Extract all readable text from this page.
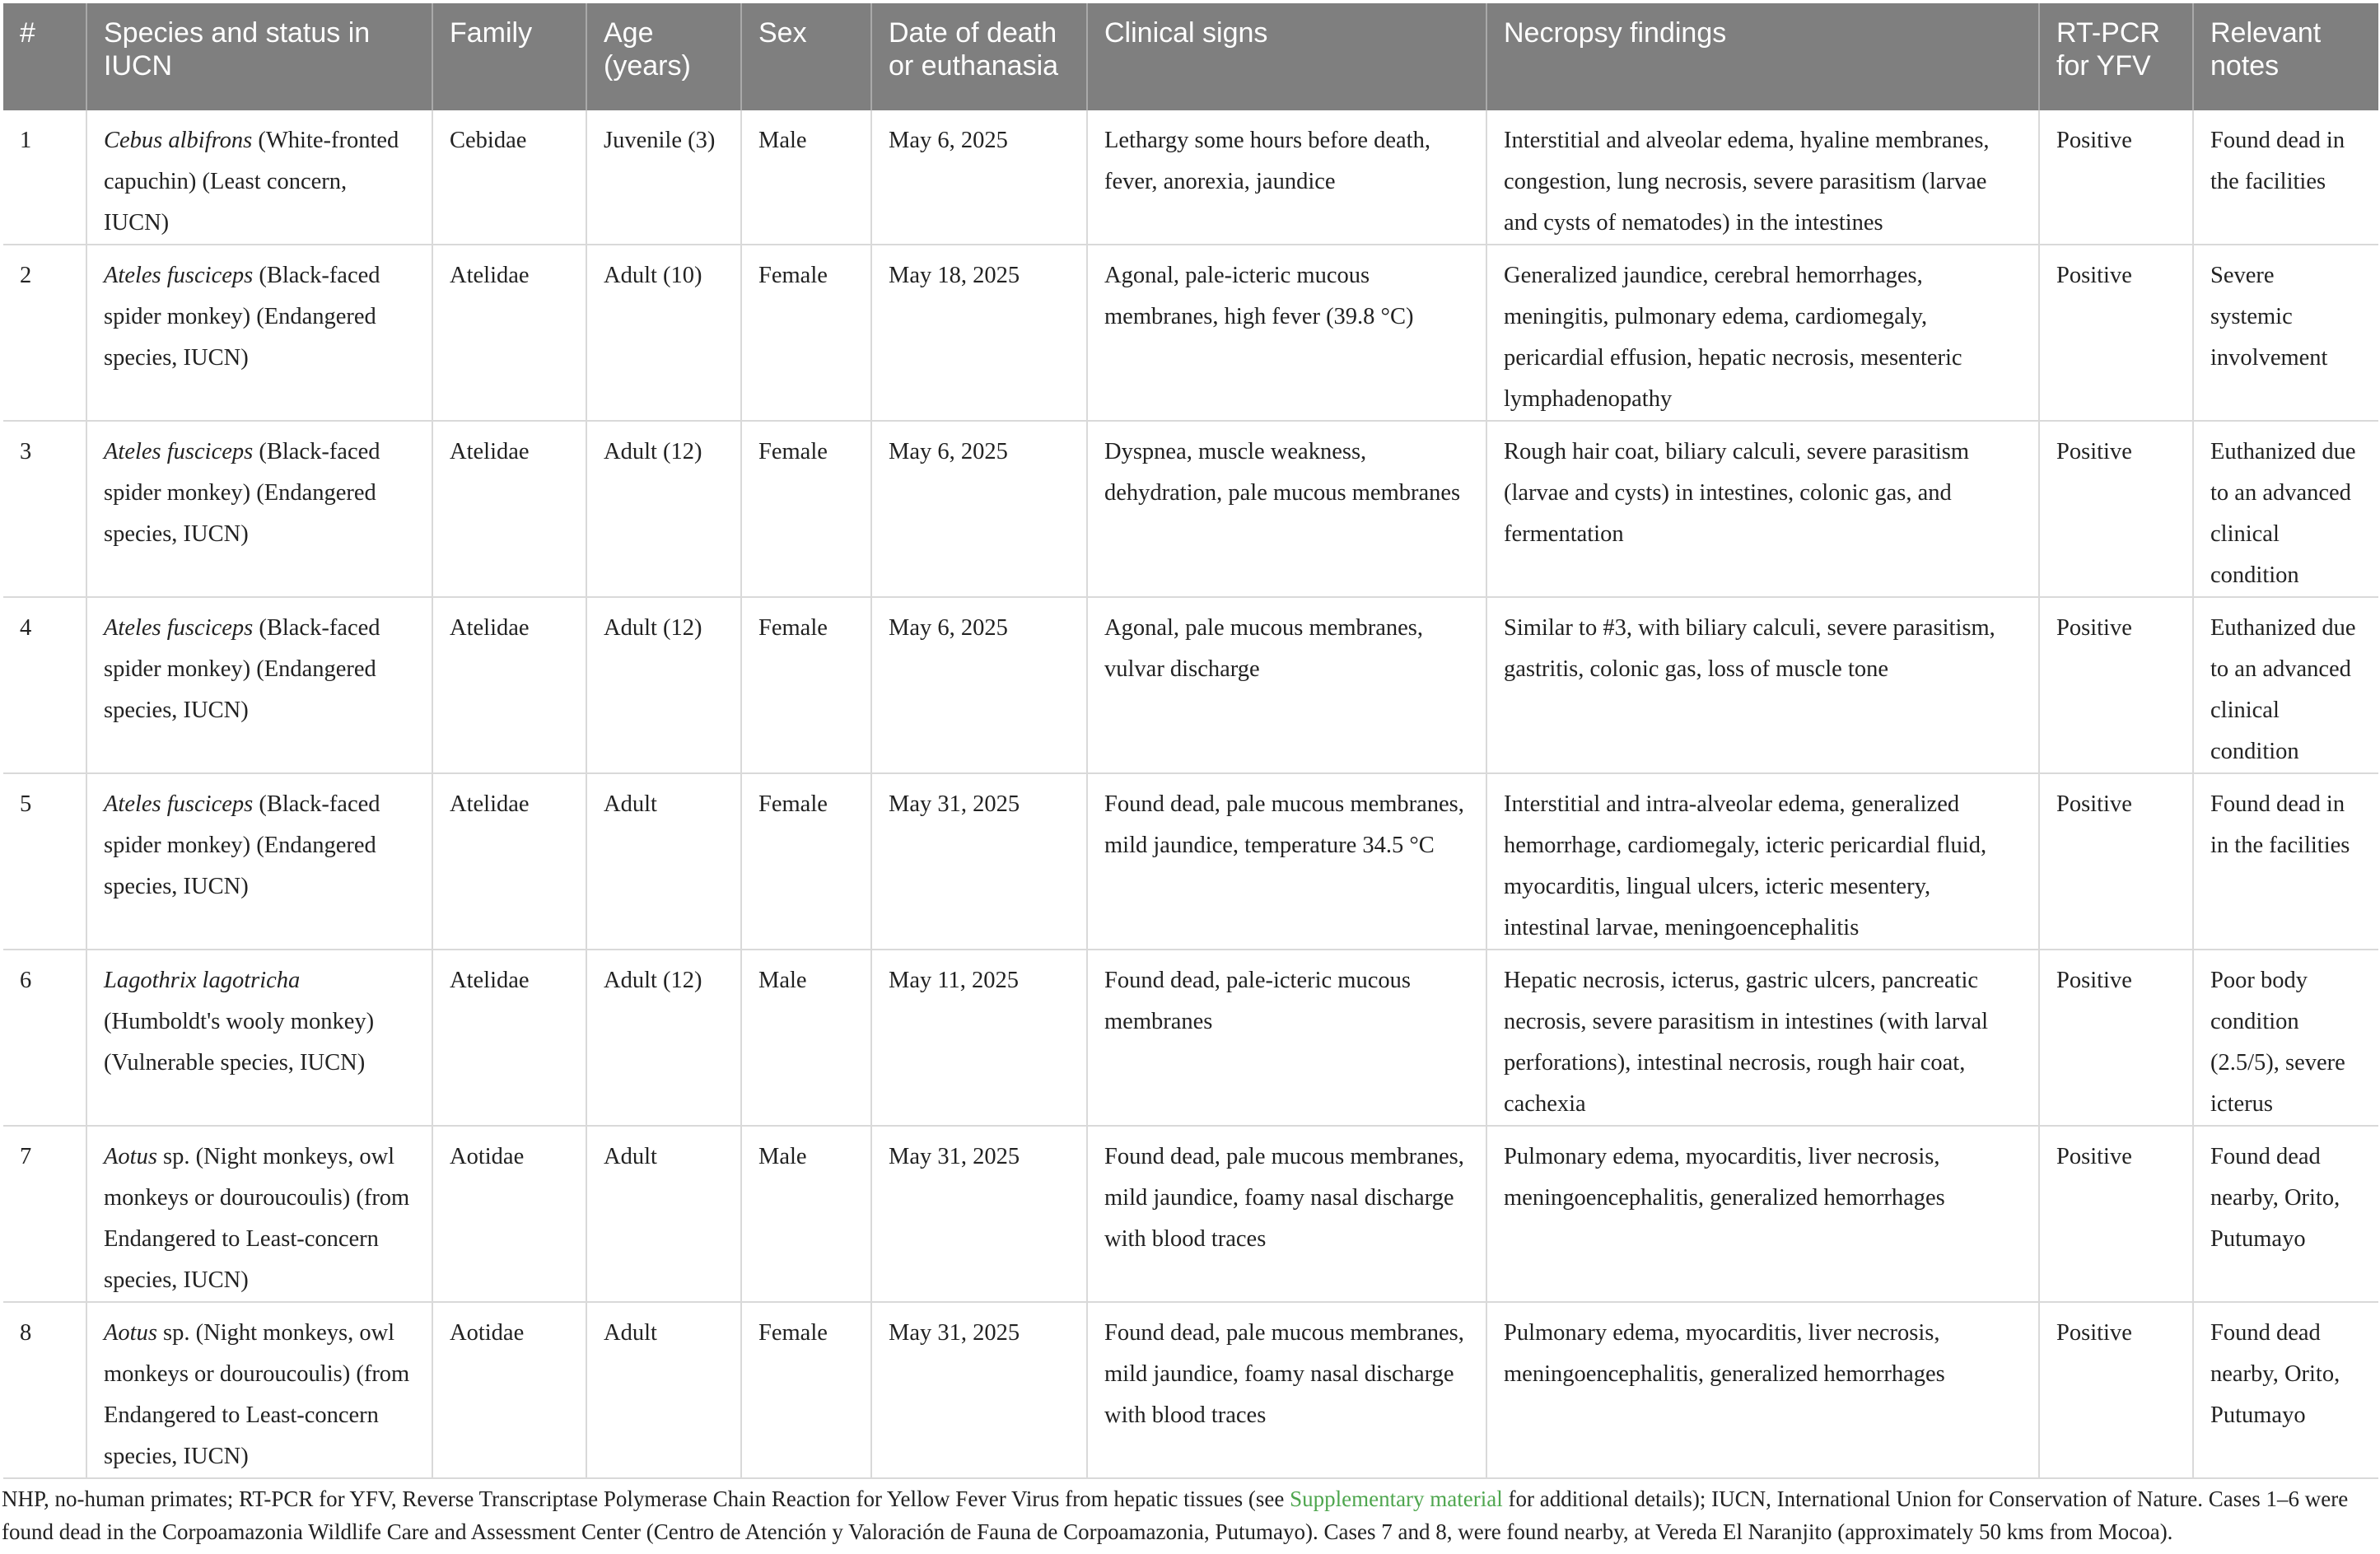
#	Species and status in IUCN	Family	Age (years)	Sex	Date of death or euthanasia	Clinical signs	Necropsy findings	RT-PCR for YFV	Relevant notes
1	Cebus albifrons (White-fronted capuchin) (Least concern, IUCN)	Cebidae	Juvenile (3)	Male	May 6, 2025	Lethargy some hours before death, fever, anorexia, jaundice	Interstitial and alveolar edema, hyaline membranes, congestion, lung necrosis, severe parasitism (larvae and cysts of nematodes) in the intestines	Positive	Found dead in the facilities
2	Ateles fusciceps (Black-faced spider monkey) (Endangered species, IUCN)	Atelidae	Adult (10)	Female	May 18, 2025	Agonal, pale-icteric mucous membranes, high fever (39.8 °C)	Generalized jaundice, cerebral hemorrhages, meningitis, pulmonary edema, cardiomegaly, pericardial effusion, hepatic necrosis, mesenteric lymphadenopathy	Positive	Severe systemic involvement
3	Ateles fusciceps (Black-faced spider monkey) (Endangered species, IUCN)	Atelidae	Adult (12)	Female	May 6, 2025	Dyspnea, muscle weakness, dehydration, pale mucous membranes	Rough hair coat, biliary calculi, severe parasitism (larvae and cysts) in intestines, colonic gas, and fermentation	Positive	Euthanized due to an advanced clinical condition
4	Ateles fusciceps (Black-faced spider monkey) (Endangered species, IUCN)	Atelidae	Adult (12)	Female	May 6, 2025	Agonal, pale mucous membranes, vulvar discharge	Similar to #3, with biliary calculi, severe parasitism, gastritis, colonic gas, loss of muscle tone	Positive	Euthanized due to an advanced clinical condition
5	Ateles fusciceps (Black-faced spider monkey) (Endangered species, IUCN)	Atelidae	Adult	Female	May 31, 2025	Found dead, pale mucous membranes, mild jaundice, temperature 34.5 °C	Interstitial and intra-alveolar edema, generalized hemorrhage, cardiomegaly, icteric pericardial fluid, myocarditis, lingual ulcers, icteric mesentery, intestinal larvae, meningoencephalitis	Positive	Found dead in in the facilities
6	Lagothrix lagotricha (Humboldt's wooly monkey) (Vulnerable species, IUCN)	Atelidae	Adult (12)	Male	May 11, 2025	Found dead, pale-icteric mucous membranes	Hepatic necrosis, icterus, gastric ulcers, pancreatic necrosis, severe parasitism in intestines (with larval perforations), intestinal necrosis, rough hair coat, cachexia	Positive	Poor body condition (2.5/5), severe icterus
7	Aotus sp. (Night monkeys, owl monkeys or douroucoulis) (from Endangered to Least-concern species, IUCN)	Aotidae	Adult	Male	May 31, 2025	Found dead, pale mucous membranes, mild jaundice, foamy nasal discharge with blood traces	Pulmonary edema, myocarditis, liver necrosis, meningoencephalitis, generalized hemorrhages	Positive	Found dead nearby, Orito, Putumayo
8	Aotus sp. (Night monkeys, owl monkeys or douroucoulis) (from Endangered to Least-concern species, IUCN)	Aotidae	Adult	Female	May 31, 2025	Found dead, pale mucous membranes, mild jaundice, foamy nasal discharge with blood traces	Pulmonary edema, myocarditis, liver necrosis, meningoencephalitis, generalized hemorrhages	Positive	Found dead nearby, Orito, Putumayo
NHP, no-human primates; RT-PCR for YFV, Reverse Transcriptase Polymerase Chain Reaction for Yellow Fever Virus from hepatic tissues (see Supplementary material for additional details); IUCN, International Union for Conservation of Nature. Cases 1–6 were found dead in the Corpoamazonia Wildlife Care and Assessment Center (Centro de Atención y Valoración de Fauna de Corpoamazonia, Putumayo). Cases 7 and 8, were found nearby, at Vereda El Naranjito (approximately 50 kms from Mocoa).
